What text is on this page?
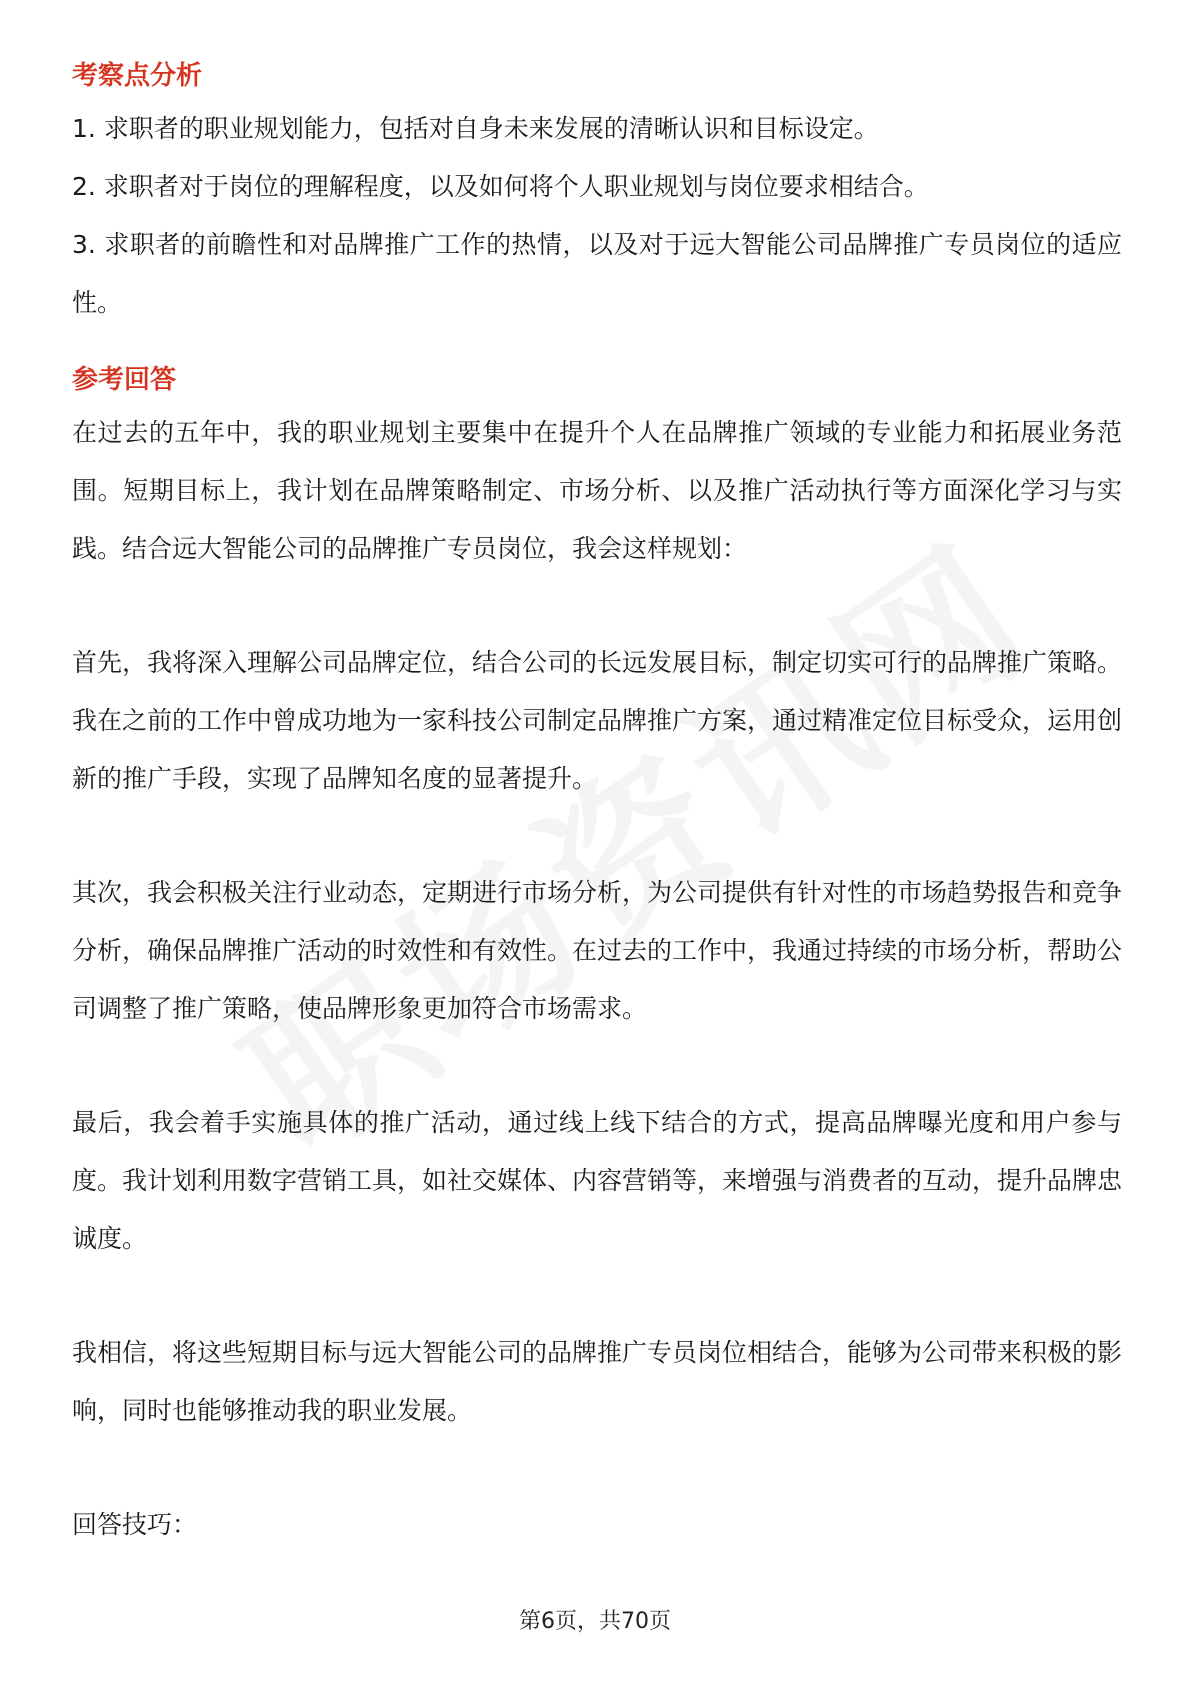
考察点分析

1. 求职者的职业规划能力，包括对自身未来发展的清晰认识和目标设定。

2. 求职者对于岗位的理解程度，以及如何将个人职业规划与岗位要求相结合。

3. 求职者的前瞻性和对品牌推广工作的热情，以及对于远大智能公司品牌推广专员岗位的适应性。

参考回答

在过去的五年中，我的职业规划主要集中在提升个人在品牌推广领域的专业能力和拓展业务范围。短期目标上，我计划在品牌策略制定、市场分析、以及推广活动执行等方面深化学习与实践。结合远大智能公司的品牌推广专员岗位，我会这样规划：

首先，我将深入理解公司品牌定位，结合公司的长远发展目标，制定切实可行的品牌推广策略。我在之前的工作中曾成功地为一家科技公司制定品牌推广方案，通过精准定位目标受众，运用创新的推广手段，实现了品牌知名度的显著提升。

其次，我会积极关注行业动态，定期进行市场分析，为公司提供有针对性的市场趋势报告和竞争分析，确保品牌推广活动的时效性和有效性。在过去的工作中，我通过持续的市场分析，帮助公司调整了推广策略，使品牌形象更加符合市场需求。

最后，我会着手实施具体的推广活动，通过线上线下结合的方式，提高品牌曝光度和用户参与度。我计划利用数字营销工具，如社交媒体、内容营销等，来增强与消费者的互动，提升品牌忠诚度。

我相信，将这些短期目标与远大智能公司的品牌推广专员岗位相结合，能够为公司带来积极的影响，同时也能够推动我的职业发展。

回答技巧：

第6页，共70页
